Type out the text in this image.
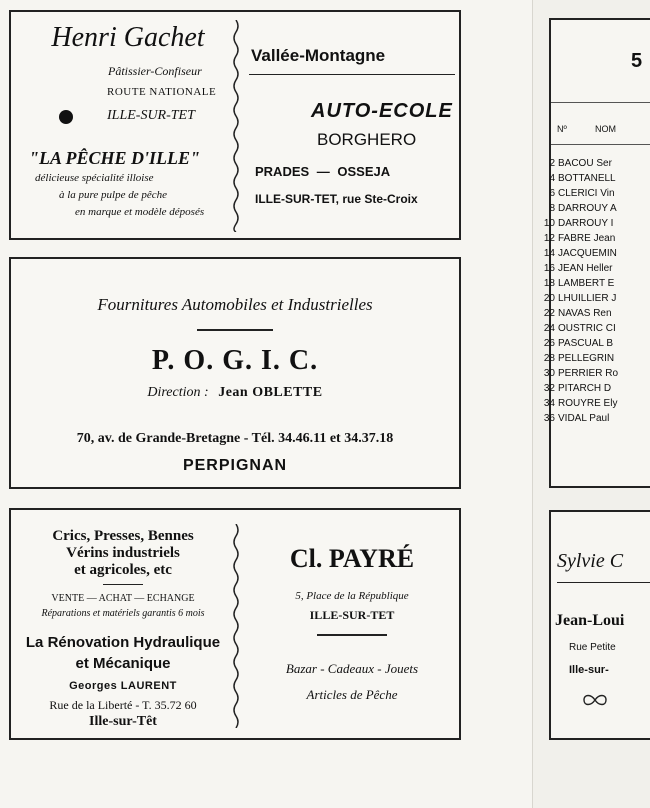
Henri Gachet
Pâtissier-Confiseur
ROUTE NATIONALE
ILLE-SUR-TET
"LA PÊCHE D'ILLE"
délicieuse spécialité illoise
à la pure pulpe de pêche
en marque et modèle déposés
Vallée-Montagne
AUTO-ECOLE
BORGHERO
PRADES — OSSEJA
ILLE-SUR-TET, rue Ste-Croix
Fournitures Automobiles et Industrielles
P. O. G. I. C.
Direction : Jean OBLETTE
70, av. de Grande-Bretagne - Tél. 34.46.11 et 34.37.18
PERPIGNAN
Crics, Presses, Bennes
Vérins industriels
et agricoles, etc
VENTE — ACHAT — ECHANGE
Réparations et matériels garantis 6 mois
La Rénovation Hydraulique
et Mécanique
Georges LAURENT
Rue de la Liberté - T. 35.72 60
Ille-sur-Têt
Cl. PAYRÉ
5, Place de la République
ILLE-SUR-TET
Bazar - Cadeaux - Jouets
Articles de Pêche
5
Nº	NOM
2 BACOU Ser
4 BOTTANELL
6 CLERICI Vin
8 DARROUY A
10 DARROUY I
12 FABRE Jean
14 JACQUEMIN
16 JEAN Heller
18 LAMBERT E
20 LHUILLIER J
22 NAVAS Ren
24 OUSTRIC CI
26 PASCUAL B
28 PELLEGRIN
30 PERRIER Ro
32 PITARCH D
34 ROUYRE Ely
36 VIDAL Paul
Sylvie C
Jean-Loui
Rue Petite
Ille-sur-
